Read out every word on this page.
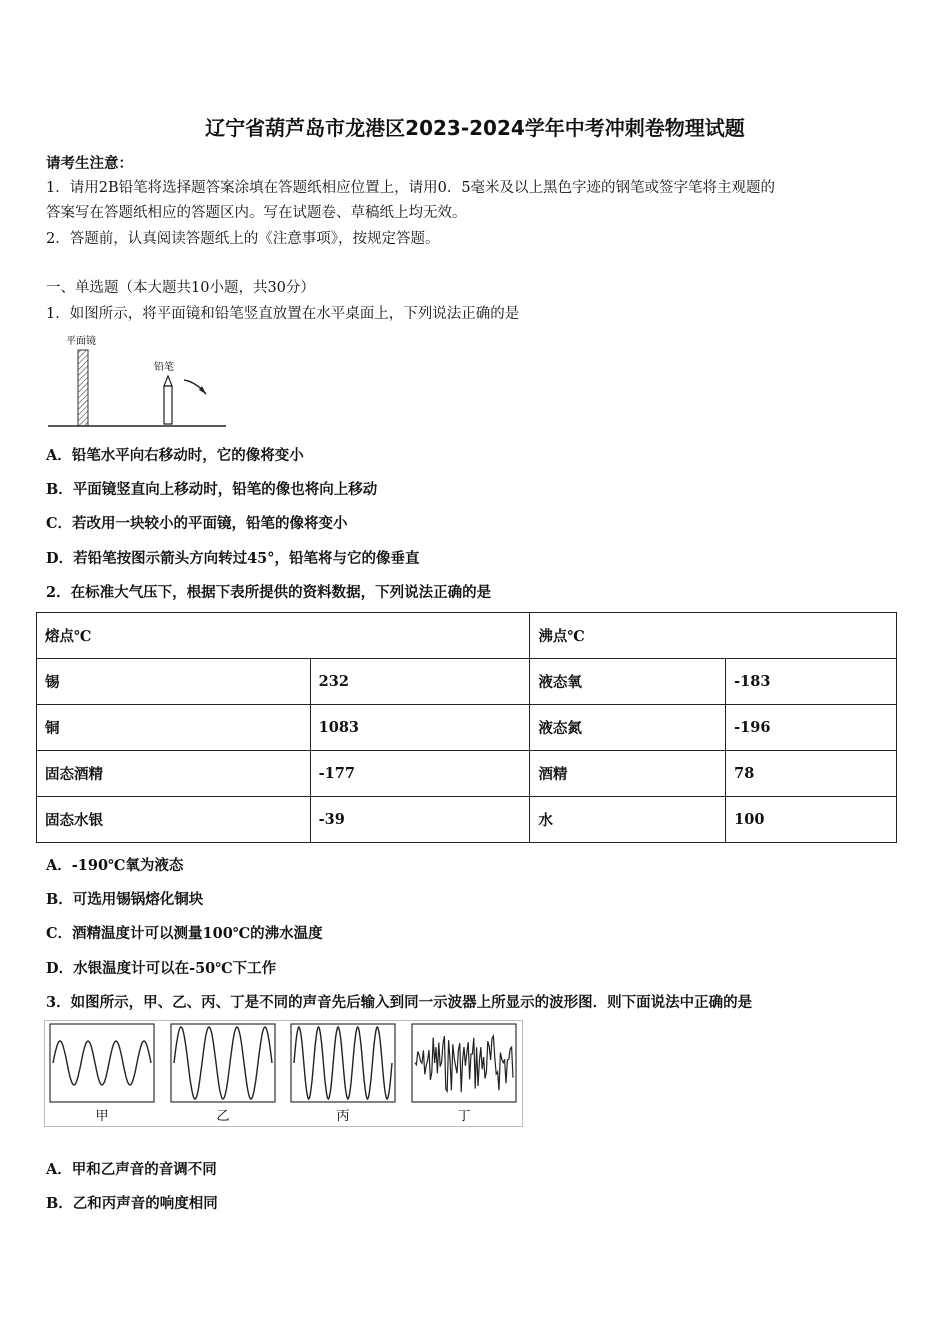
辽宁省葫芦岛市龙港区2023-2024学年中考冲刺卷物理试题
请考生注意：
1．请用2B铅笔将选择题答案涂填在答题纸相应位置上，请用0．5毫米及以上黑色字迹的钢笔或签字笔将主观题的
答案写在答题纸相应的答题区内。写在试题卷、草稿纸上均无效。
2．答题前，认真阅读答题纸上的《注意事项》，按规定答题。
一、单选题（本大题共10小题，共30分）
1．如图所示，将平面镜和铅笔竖直放置在水平桌面上，下列说法正确的是
平面镜
铅笔
A．铅笔水平向右移动时，它的像将变小
B．平面镜竖直向上移动时，铅笔的像也将向上移动
C．若改用一块较小的平面镜，铅笔的像将变小
D．若铅笔按图示箭头方向转过45°，铅笔将与它的像垂直
2．在标准大气压下，根据下表所提供的资料数据，下列说法正确的是
熔点℃		沸点℃	
锡	232	液态氧	-183
铜	1083	液态氮	-196
固态酒精	-177	酒精	78
固态水银	-39	水	100
A．-190℃氧为液态
B．可选用锡锅熔化铜块
C．酒精温度计可以测量100℃的沸水温度
D．水银温度计可以在-50℃下工作
3．如图所示，甲、乙、丙、丁是不同的声音先后输入到同一示波器上所显示的波形图．则下面说法中正确的是
甲	乙	丙	丁
A．甲和乙声音的音调不同
B．乙和丙声音的响度相同
